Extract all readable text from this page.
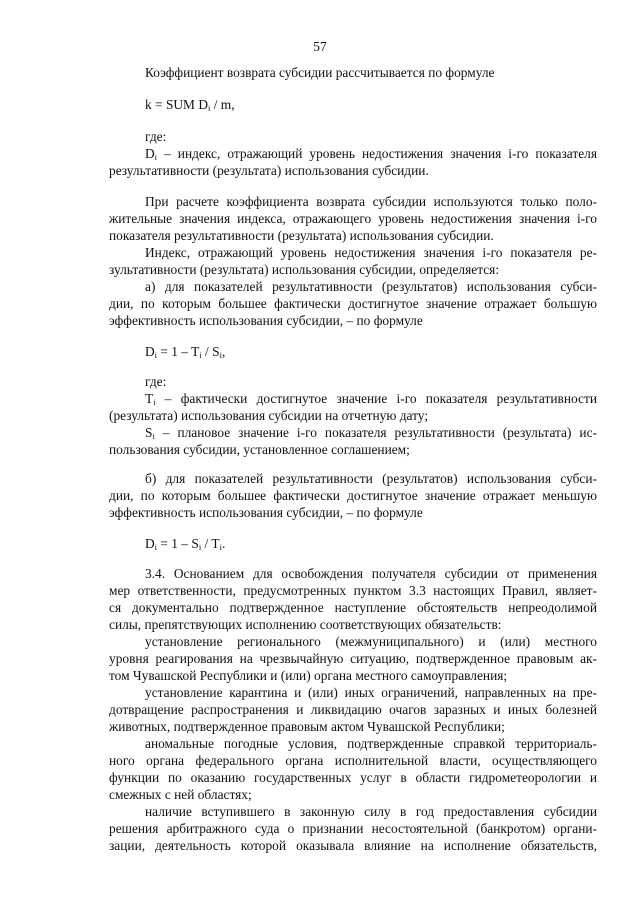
57
Коэффициент возврата субсидии рассчитывается по формуле
k = SUM $D_i$ / m,
где:
$D_i$ – индекс, отражающий уровень недостижения значения i-го показателя
результативности (результата) использования субсидии.
При расчете коэффициента возврата субсидии используются только поло-
жительные значения индекса, отражающего уровень недостижения значения i-го
показателя результативности (результата) использования субсидии.
Индекс, отражающий уровень недостижения значения i-го показателя ре-
зультативности (результата) использования субсидии, определяется:
а) для показателей результативности (результатов) использования субси-
дии, по которым большее фактически достигнутое значение отражает большую
эффективность использования субсидии, – по формуле
$D_i = 1 - T_i / S_i$,
где:
$T_i$ – фактически достигнутое значение i-го показателя результативности
(результата) использования субсидии на отчетную дату;
$S_i$ – плановое значение i-го показателя результативности (результата) ис-
пользования субсидии, установленное соглашением;
б) для показателей результативности (результатов) использования субси-
дии, по которым большее фактически достигнутое значение отражает меньшую
эффективность использования субсидии, – по формуле
$D_i = 1 - S_i / T_i$.
3.4. Основанием для освобождения получателя субсидии от применения
мер ответственности, предусмотренных пунктом 3.3 настоящих Правил, являет-
ся документально подтвержденное наступление обстоятельств непреодолимой
силы, препятствующих исполнению соответствующих обязательств:
установление регионального (межмуниципального) и (или) местного
уровня реагирования на чрезвычайную ситуацию, подтвержденное правовым ак-
том Чувашской Республики и (или) органа местного самоуправления;
установление карантина и (или) иных ограничений, направленных на пре-
дотвращение распространения и ликвидацию очагов заразных и иных болезней
животных, подтвержденное правовым актом Чувашской Республики;
аномальные погодные условия, подтвержденные справкой территориаль-
ного органа федерального органа исполнительной власти, осуществляющего
функции по оказанию государственных услуг в области гидрометеорологии и
смежных с ней областях;
наличие вступившего в законную силу в год предоставления субсидии
решения арбитражного суда о признании несостоятельной (банкротом) органи-
зации, деятельность которой оказывала влияние на исполнение обязательств,
